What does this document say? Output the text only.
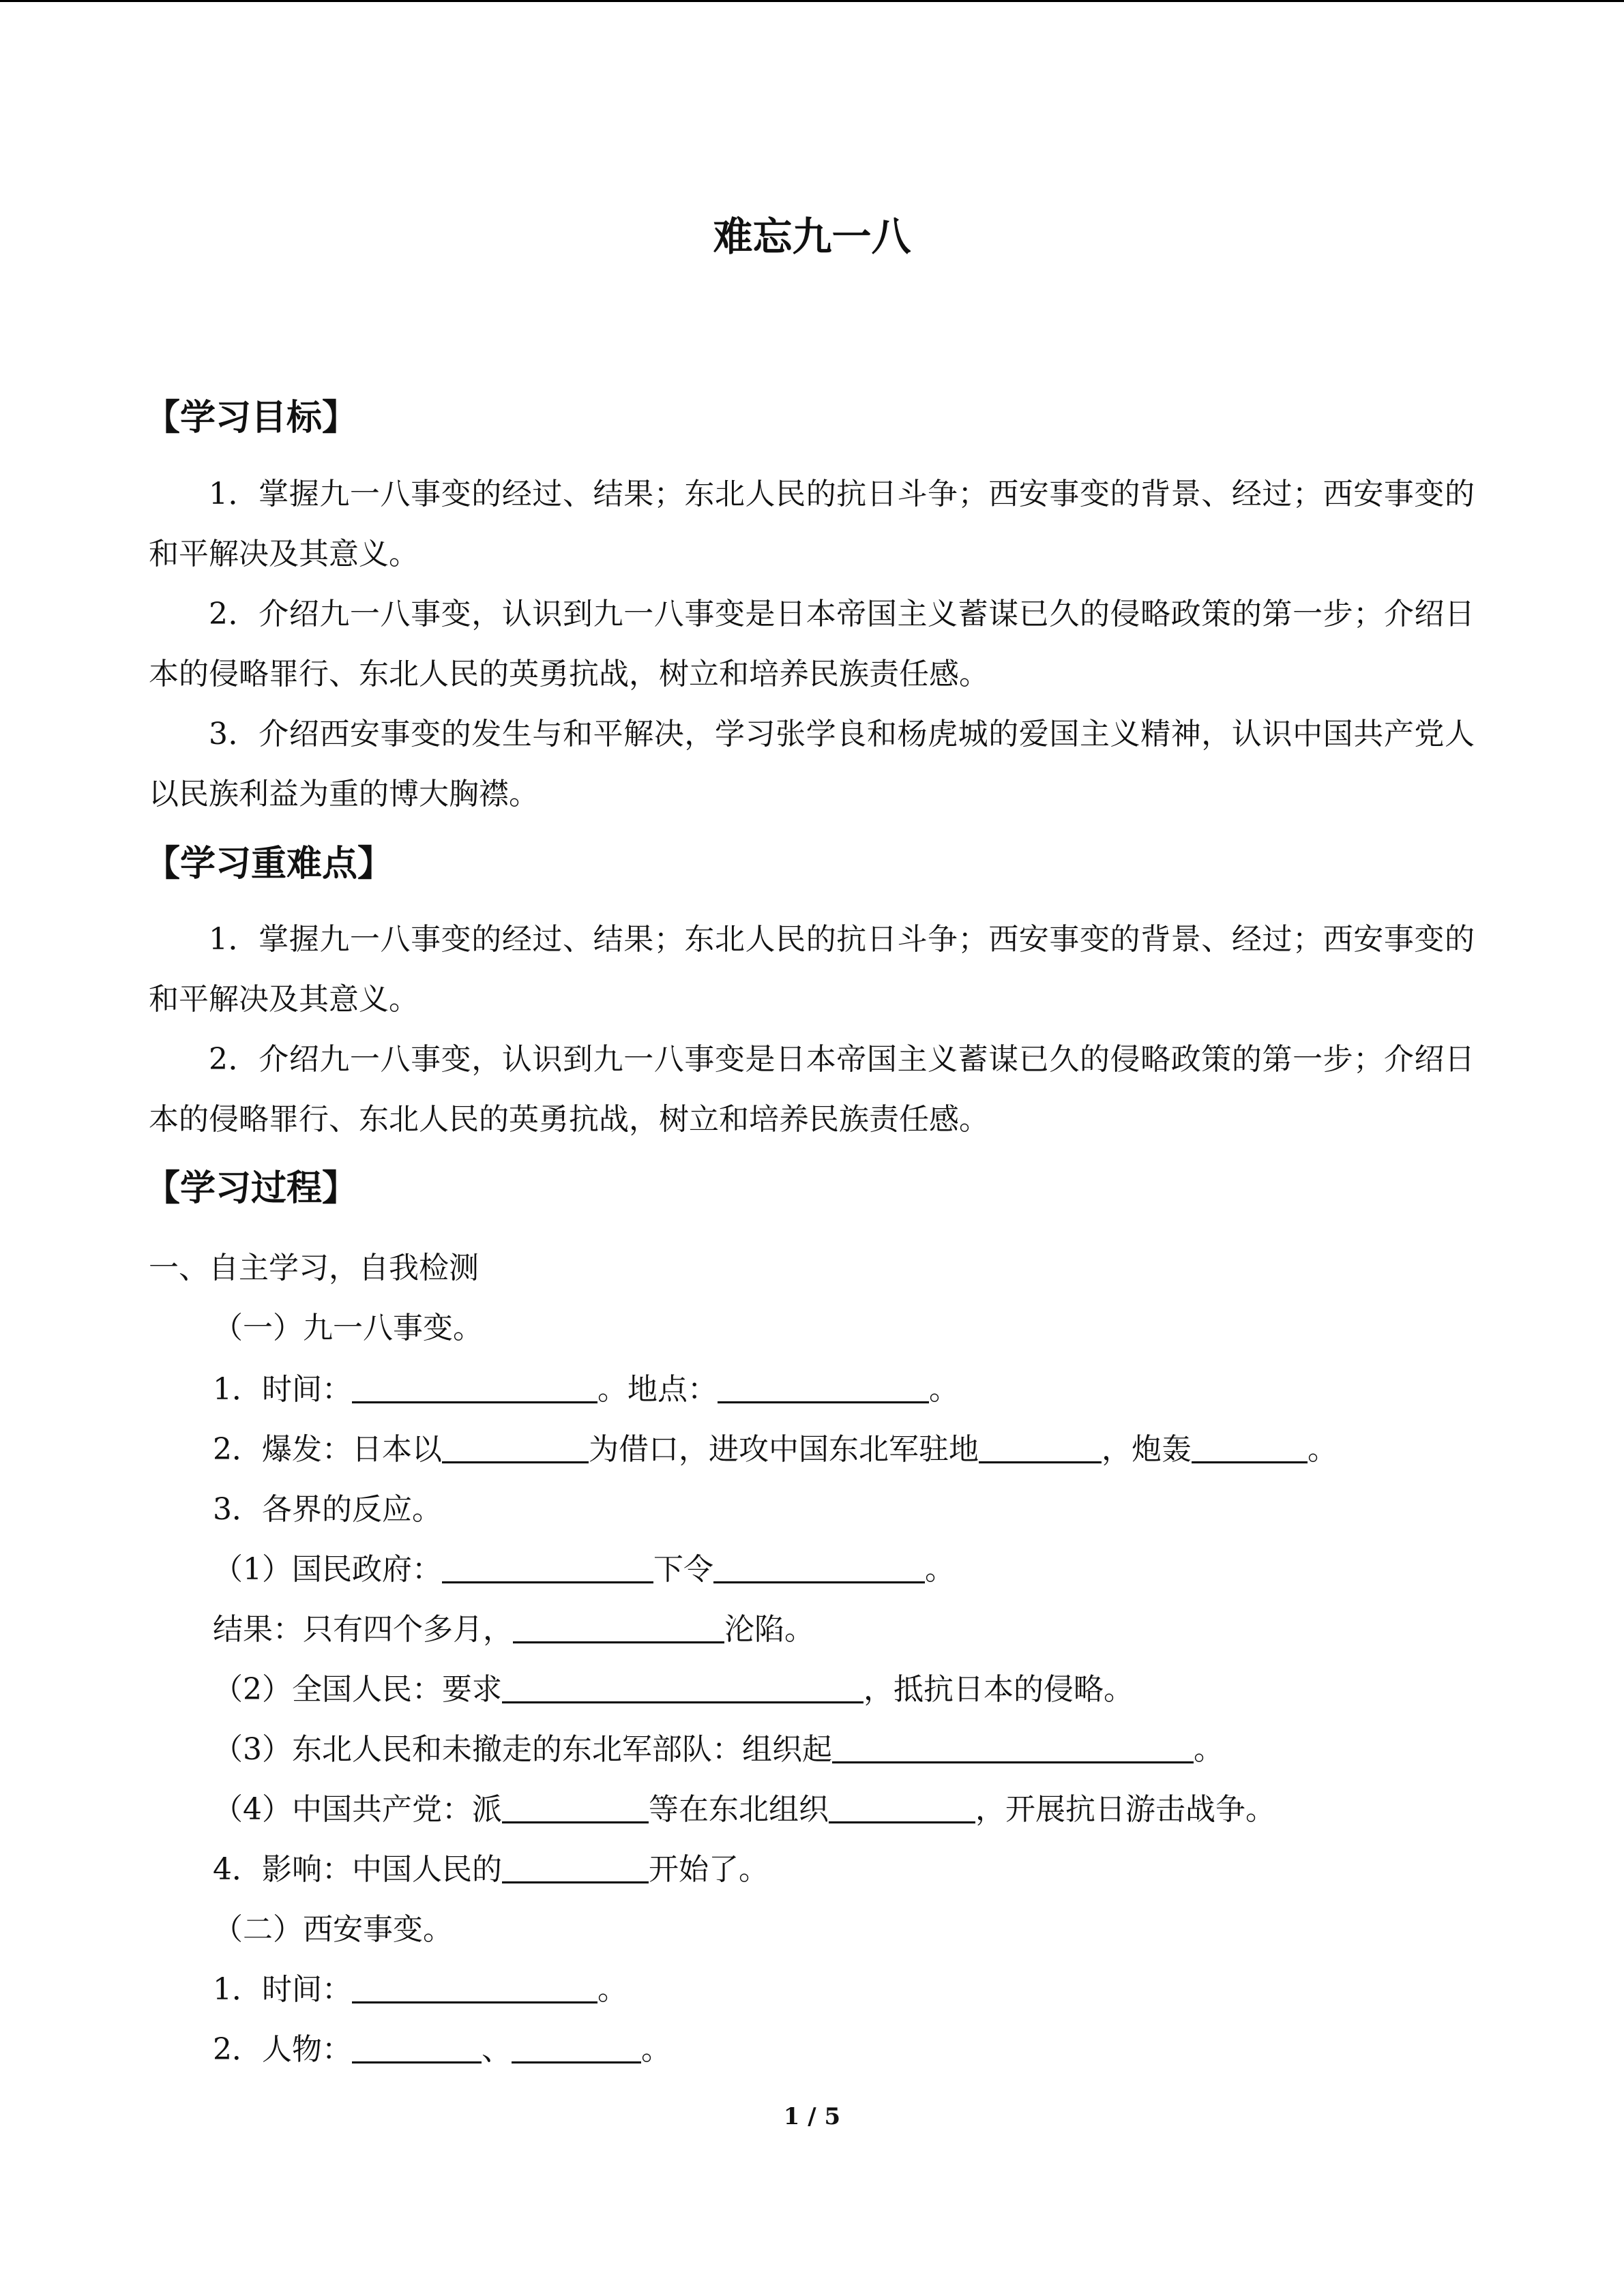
难忘九一八
【学习目标】

1．掌握九一八事变的经过、结果；东北人民的抗日斗争；西安事变的背景、经过；西安事变的和平解决及其意义。

2．介绍九一八事变，认识到九一八事变是日本帝国主义蓄谋已久的侵略政策的第一步；介绍日本的侵略罪行、东北人民的英勇抗战，树立和培养民族责任感。

3．介绍西安事变的发生与和平解决，学习张学良和杨虎城的爱国主义精神，认识中国共产党人以民族利益为重的博大胸襟。

【学习重难点】

1．掌握九一八事变的经过、结果；东北人民的抗日斗争；西安事变的背景、经过；西安事变的和平解决及其意义。

2．介绍九一八事变，认识到九一八事变是日本帝国主义蓄谋已久的侵略政策的第一步；介绍日本的侵略罪行、东北人民的英勇抗战，树立和培养民族责任感。

【学习过程】
一、自主学习，自我检测
（一）九一八事变。
1．时间：	。地点：	。
2．爆发：日本以	为借口，进攻中国东北军驻地	，炮轰	。
3．各界的反应。
（1）国民政府：	下令	。
结果：只有四个多月，	沦陷。
（2）全国人民：要求	，抵抗日本的侵略。
（3）东北人民和未撤走的东北军部队：组织起	。
（4）中国共产党：派	等在东北组织	，开展抗日游击战争。
4．影响：中国人民的	开始了。
（二）西安事变。
1．时间：	。
2．人物：	、	。
1 / 5
